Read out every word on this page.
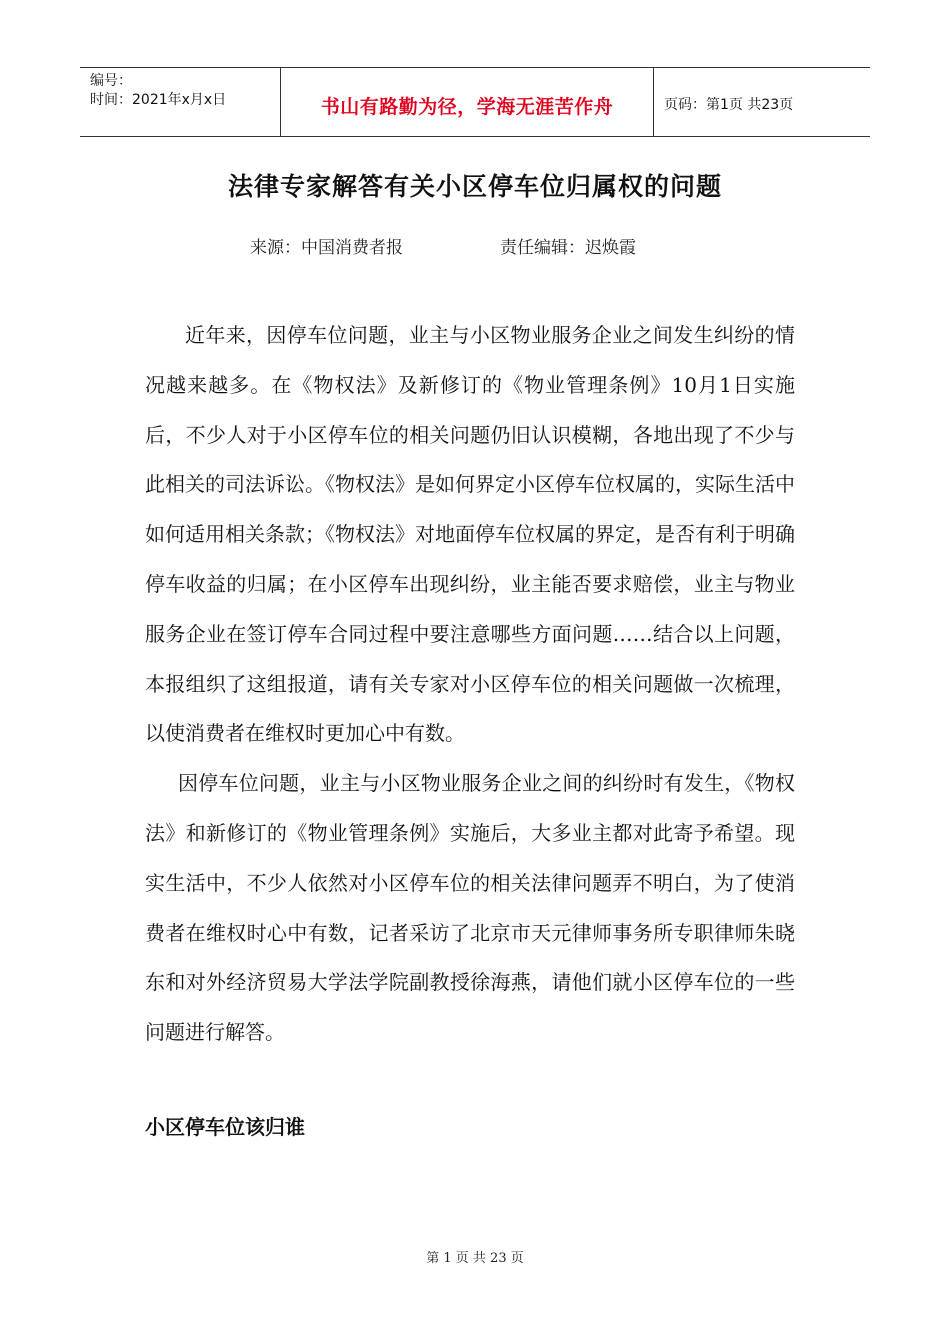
编号：
时间：2021年x月x日	书山有路勤为径，学海无涯苦作舟	页码：第1页 共23页
法律专家解答有关小区停车位归属权的问题
来源：中国消费者报	责任编辑：迟焕霞

近年来，因停车位问题，业主与小区物业服务企业之间发生纠纷的情况越来越多。在《物权法》及新修订的《物业管理条例》10月1日实施后，不少人对于小区停车位的相关问题仍旧认识模糊，各地出现了不少与此相关的司法诉讼。《物权法》是如何界定小区停车位权属的，实际生活中如何适用相关条款；《物权法》对地面停车位权属的界定，是否有利于明确停车收益的归属；在小区停车出现纠纷，业主能否要求赔偿，业主与物业服务企业在签订停车合同过程中要注意哪些方面问题……结合以上问题，本报组织了这组报道，请有关专家对小区停车位的相关问题做一次梳理，以使消费者在维权时更加心中有数。

因停车位问题，业主与小区物业服务企业之间的纠纷时有发生，《物权法》和新修订的《物业管理条例》实施后，大多业主都对此寄予希望。现实生活中，不少人依然对小区停车位的相关法律问题弄不明白，为了使消费者在维权时心中有数，记者采访了北京市天元律师事务所专职律师朱晓东和对外经济贸易大学法学院副教授徐海燕，请他们就小区停车位的一些问题进行解答。

小区停车位该归谁
第 1 页 共 23 页
